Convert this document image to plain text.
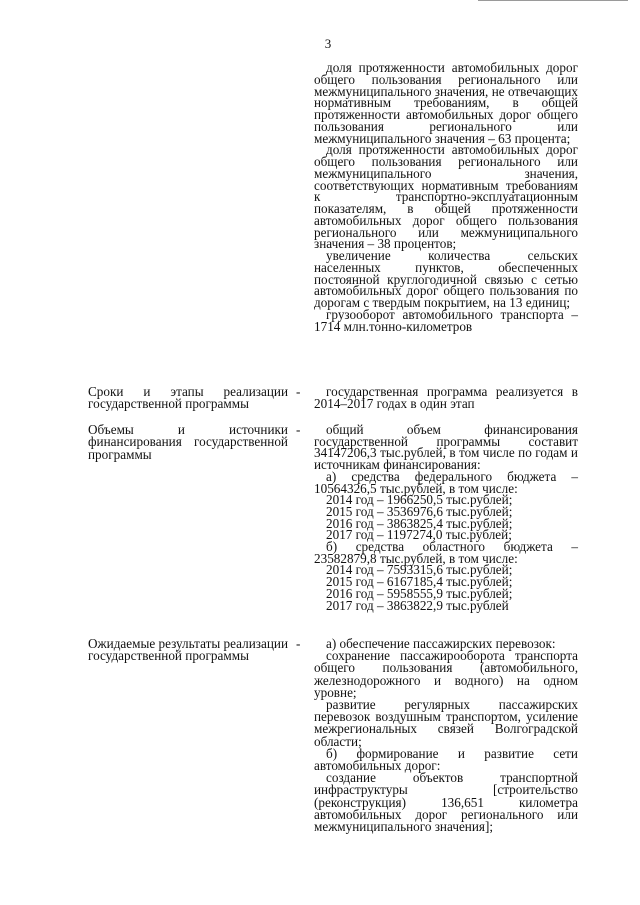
3

доля протяженности автомобильных дорог общего пользования регионального или межмуниципального значения, не отвечающих нормативным требованиям, в общей протяженности автомобильных дорог общего пользования регионального или межмуниципального значения – 63 процента;

доля протяженности автомобильных дорог общего пользования регионального или межмуниципального значения, соответствующих нормативным требованиям к транспортно-эксплуатационным показателям, в общей протяженности автомобильных дорог общего пользования регионального или межмуниципального значения – 38 процентов;

увеличение количества сельских населенных пунктов, обеспеченных постоянной круглогодичной связью с сетью автомобильных дорог общего пользования по дорогам с твердым покрытием, на 13 единиц;

грузооборот автомобильного транспорта – 1714 млн.тонно-километров

Сроки и этапы реализации государственной программы
-	государственная программа реализуется в 2014–2017 годах в один этап

Объемы и источники финансирования государственной программы
-	общий объем финансирования государственной программы составит 34147206,3 тыс.рублей, в том числе по годам и источникам финансирования:

а) средства федерального бюджета – 10564326,5 тыс.рублей, в том числе:

2014 год – 1966250,5 тыс.рублей;

2015 год – 3536976,6 тыс.рублей;

2016 год – 3863825,4 тыс.рублей;

2017 год – 1197274,0 тыс.рублей;

б) средства областного бюджета – 23582879,8 тыс.рублей, в том числе:

2014 год – 7593315,6 тыс.рублей;

2015 год – 6167185,4 тыс.рублей;

2016 год – 5958555,9 тыс.рублей;

2017 год – 3863822,9 тыс.рублей

Ожидаемые результаты реализации государственной программы
-	а) обеспечение пассажирских перевозок:

сохранение пассажирооборота транспорта общего пользования (автомобильного, железнодорожного и водного) на одном уровне;

развитие регулярных пассажирских перевозок воздушным транспортом, усиление межрегиональных связей Волгоградской области;

б) формирование и развитие сети автомобильных дорог:

создание объектов транспортной инфраструктуры [строительство (реконструкция) 136,651 километра автомобильных дорог регионального или межмуниципального значения];
